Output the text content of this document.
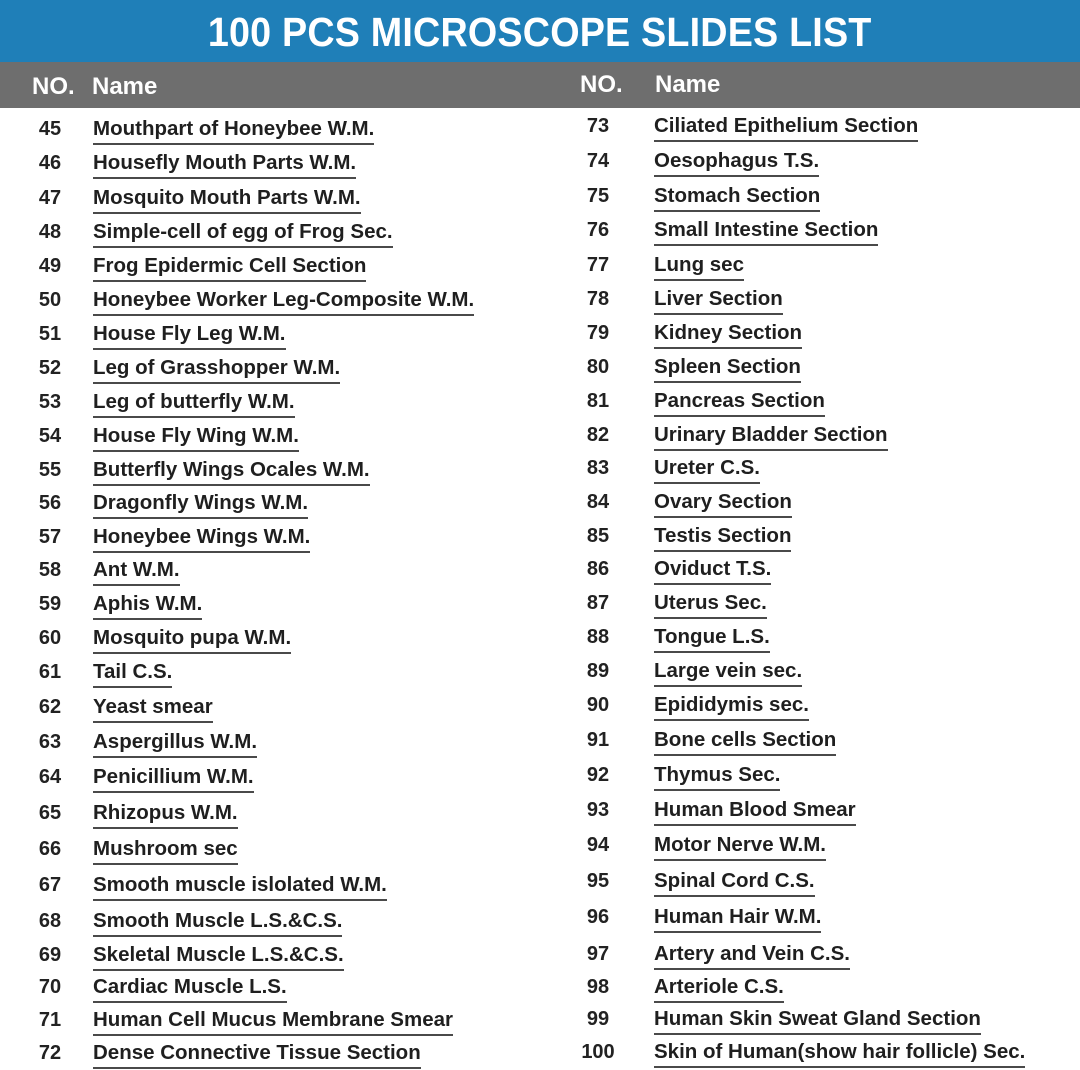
100 PCS MICROSCOPE SLIDES LIST
NO. Name	NO. Name
45	Mouthpart of Honeybee W.M.
46	Housefly Mouth Parts W.M.
47	Mosquito Mouth Parts W.M.
48	Simple-cell of egg of Frog Sec.
49	Frog Epidermic Cell Section
50	Honeybee Worker Leg-Composite W.M.
51	House Fly Leg W.M.
52	Leg of Grasshopper W.M.
53	Leg of butterfly W.M.
54	House Fly Wing W.M.
55	Butterfly Wings Ocales W.M.
56	Dragonfly Wings W.M.
57	Honeybee Wings W.M.
58	Ant W.M.
59	Aphis W.M.
60	Mosquito pupa W.M.
61	Tail C.S.
62	Yeast smear
63	Aspergillus W.M.
64	Penicillium W.M.
65	Rhizopus W.M.
66	Mushroom sec
67	Smooth muscle islolated W.M.
68	Smooth Muscle L.S.&C.S.
69	Skeletal Muscle L.S.&C.S.
70	Cardiac Muscle L.S.
71	Human Cell Mucus Membrane Smear
72	Dense Connective Tissue Section
73	Ciliated Epithelium Section
74	Oesophagus T.S.
75	Stomach Section
76	Small Intestine Section
77	Lung sec
78	Liver Section
79	Kidney Section
80	Spleen Section
81	Pancreas Section
82	Urinary Bladder Section
83	Ureter C.S.
84	Ovary Section
85	Testis Section
86	Oviduct T.S.
87	Uterus Sec.
88	Tongue L.S.
89	Large vein sec.
90	Epididymis sec.
91	Bone cells Section
92	Thymus Sec.
93	Human Blood Smear
94	Motor Nerve W.M.
95	Spinal Cord C.S.
96	Human Hair W.M.
97	Artery and Vein C.S.
98	Arteriole C.S.
99	Human Skin Sweat Gland Section
100	Skin of Human(show hair follicle) Sec.
